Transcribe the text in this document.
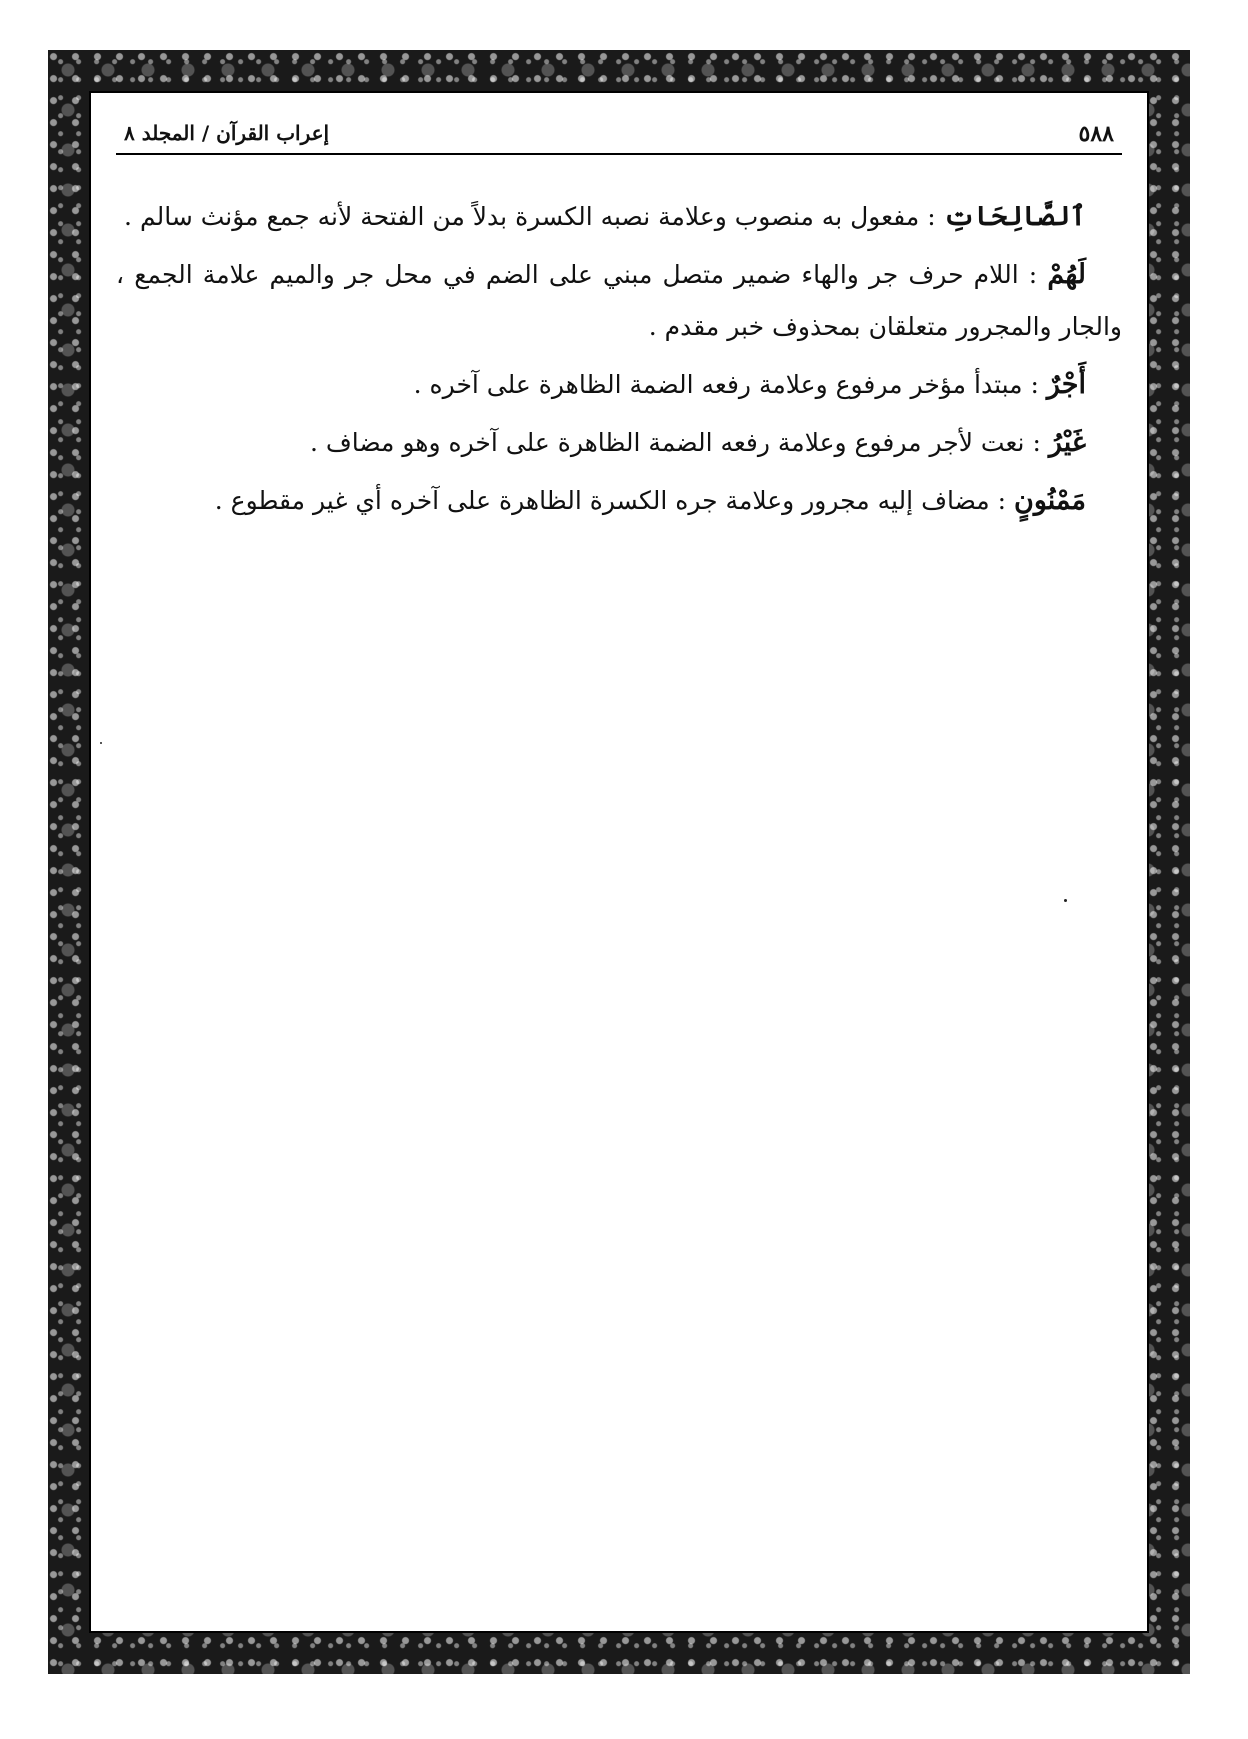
٥٨٨
إعراب القرآن / المجلد ٨

ٱلصَّالِحَاتِ : مفعول به منصوب وعلامة نصبه الكسرة بدلاً من الفتحة لأنه جمع مؤنث سالم .

لَهُمْ : اللام حرف جر والهاء ضمير متصل مبني على الضم في محل جر والميم علامة الجمع ، والجار والمجرور متعلقان بمحذوف خبر مقدم .

أَجْرٌ : مبتدأ مؤخر مرفوع وعلامة رفعه الضمة الظاهرة على آخره .

غَيْرُ : نعت لأجر مرفوع وعلامة رفعه الضمة الظاهرة على آخره وهو مضاف .

مَمْنُونٍ : مضاف إليه مجرور وعلامة جره الكسرة الظاهرة على آخره أي غير مقطوع .
